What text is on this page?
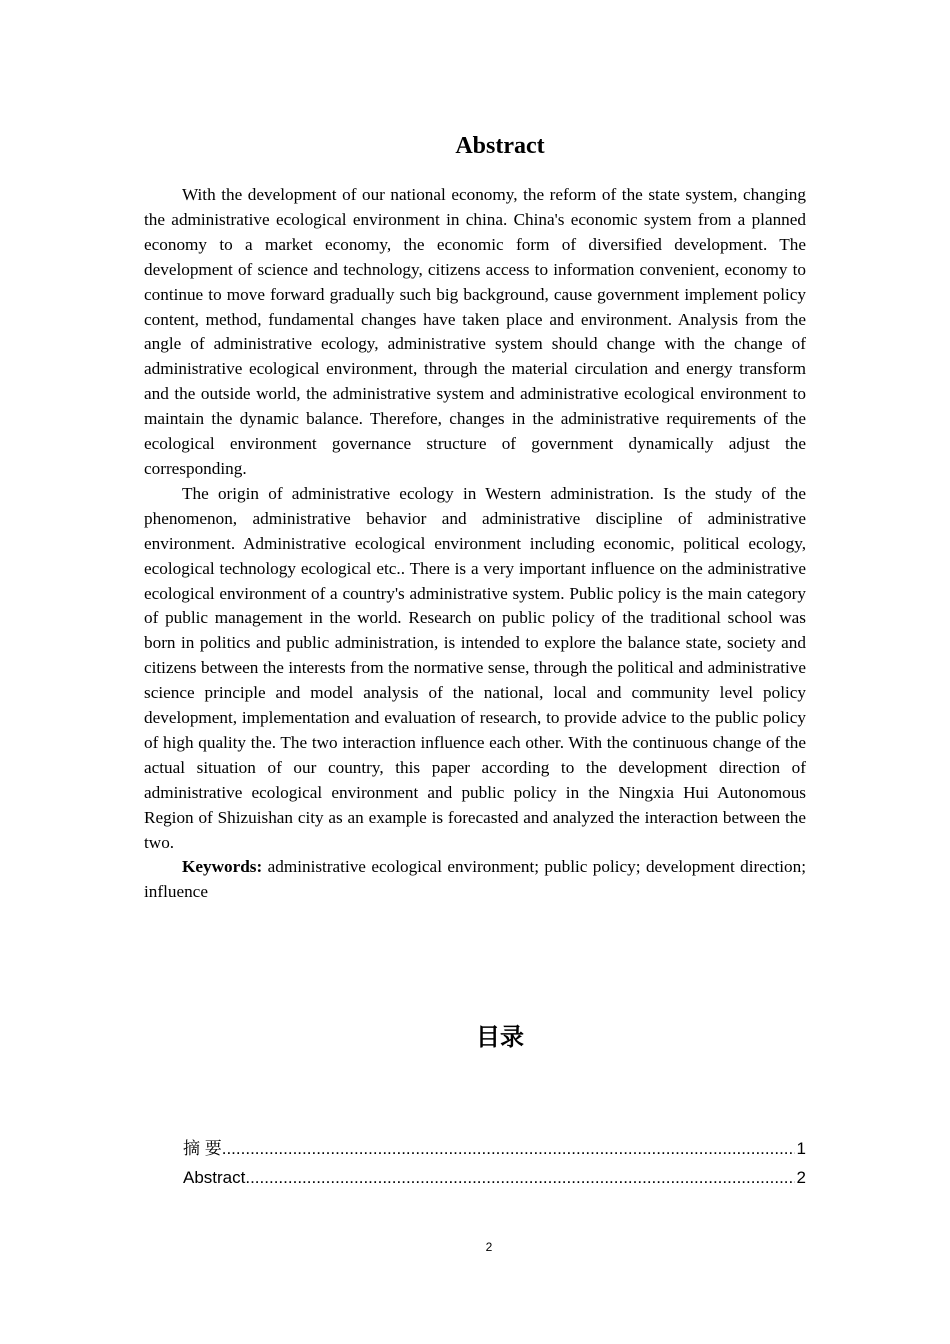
Abstract

With the development of our national economy, the reform of the state system, changing the administrative ecological environment in china. China's economic system from a planned economy to a market economy, the economic form of diversified development. The development of science and technology, citizens access to information convenient, economy to continue to move forward gradually such big background, cause government implement policy content, method, fundamental changes have taken place and environment. Analysis from the angle of administrative ecology, administrative system should change with the change of administrative ecological environment, through the material circulation and energy transform and the outside world, the administrative system and administrative ecological environment to maintain the dynamic balance. Therefore, changes in the administrative requirements of the ecological environment governance structure of government dynamically adjust the corresponding.

The origin of administrative ecology in Western administration. Is the study of the phenomenon, administrative behavior and administrative discipline of administrative environment. Administrative ecological environment including economic, political ecology, ecological technology ecological etc.. There is a very important influence on the administrative ecological environment of a country's administrative system. Public policy is the main category of public management in the world. Research on public policy of the traditional school was born in politics and public administration, is intended to explore the balance state, society and citizens between the interests from the normative sense, through the political and administrative science principle and model analysis of the national, local and community level policy development, implementation and evaluation of research, to provide advice to the public policy of high quality the. The two interaction influence each other. With the continuous change of the actual situation of our country, this paper according to the development direction of administrative ecological environment and public policy in the Ningxia Hui Autonomous Region of Shizuishan city as an example is forecasted and analyzed the interaction between the two.

Keywords: administrative ecological environment; public policy; development direction; influence

目录
摘 要 .....	1
Abstract .....	2
2
